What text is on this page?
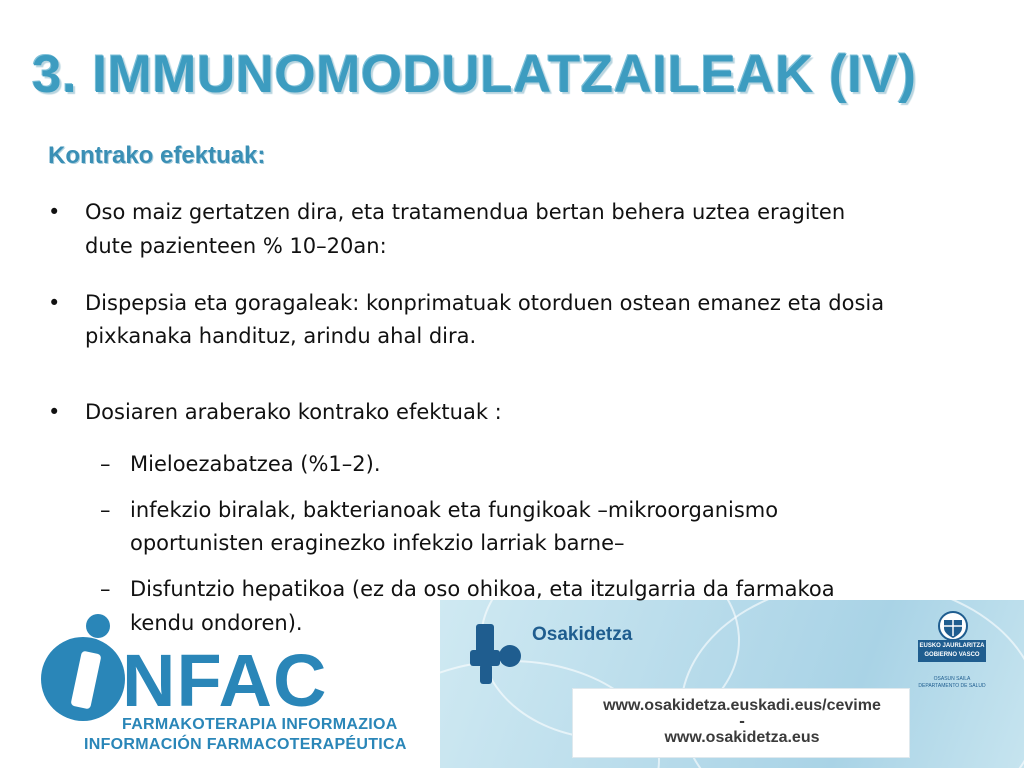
3. IMMUNOMODULATZAILEAK (IV)
Kontrako efektuak:
• Oso maiz gertatzen dira, eta tratamendua bertan behera uztea eragiten
dute pazienteen % 10–20an:
• Dispepsia eta goragaleak: konprimatuak otorduen ostean emanez eta dosia
pixkanaka handituz, arindu ahal dira.
• Dosiaren araberako kontrako efektuak :
– Mieloezabatzea (%1–2).
– infekzio biralak, bakterianoak eta fungikoak –mikroorganismo
oportunisten eraginezko infekzio larriak barne–
– Disfuntzio hepatikoa (ez da oso ohikoa, eta itzulgarria da farmakoa
kendu ondoren).
NFAC
FARMAKOTERAPIA INFORMAZIOA
INFORMACIÓN FARMACOTERAPÉUTICA
Osakidetza
www.osakidetza.euskadi.eus/cevime
-
www.osakidetza.eus
EUSKO JAURLARITZA
GOBIERNO VASCO
OSASUN SAILA
DEPARTAMENTO DE SALUD
